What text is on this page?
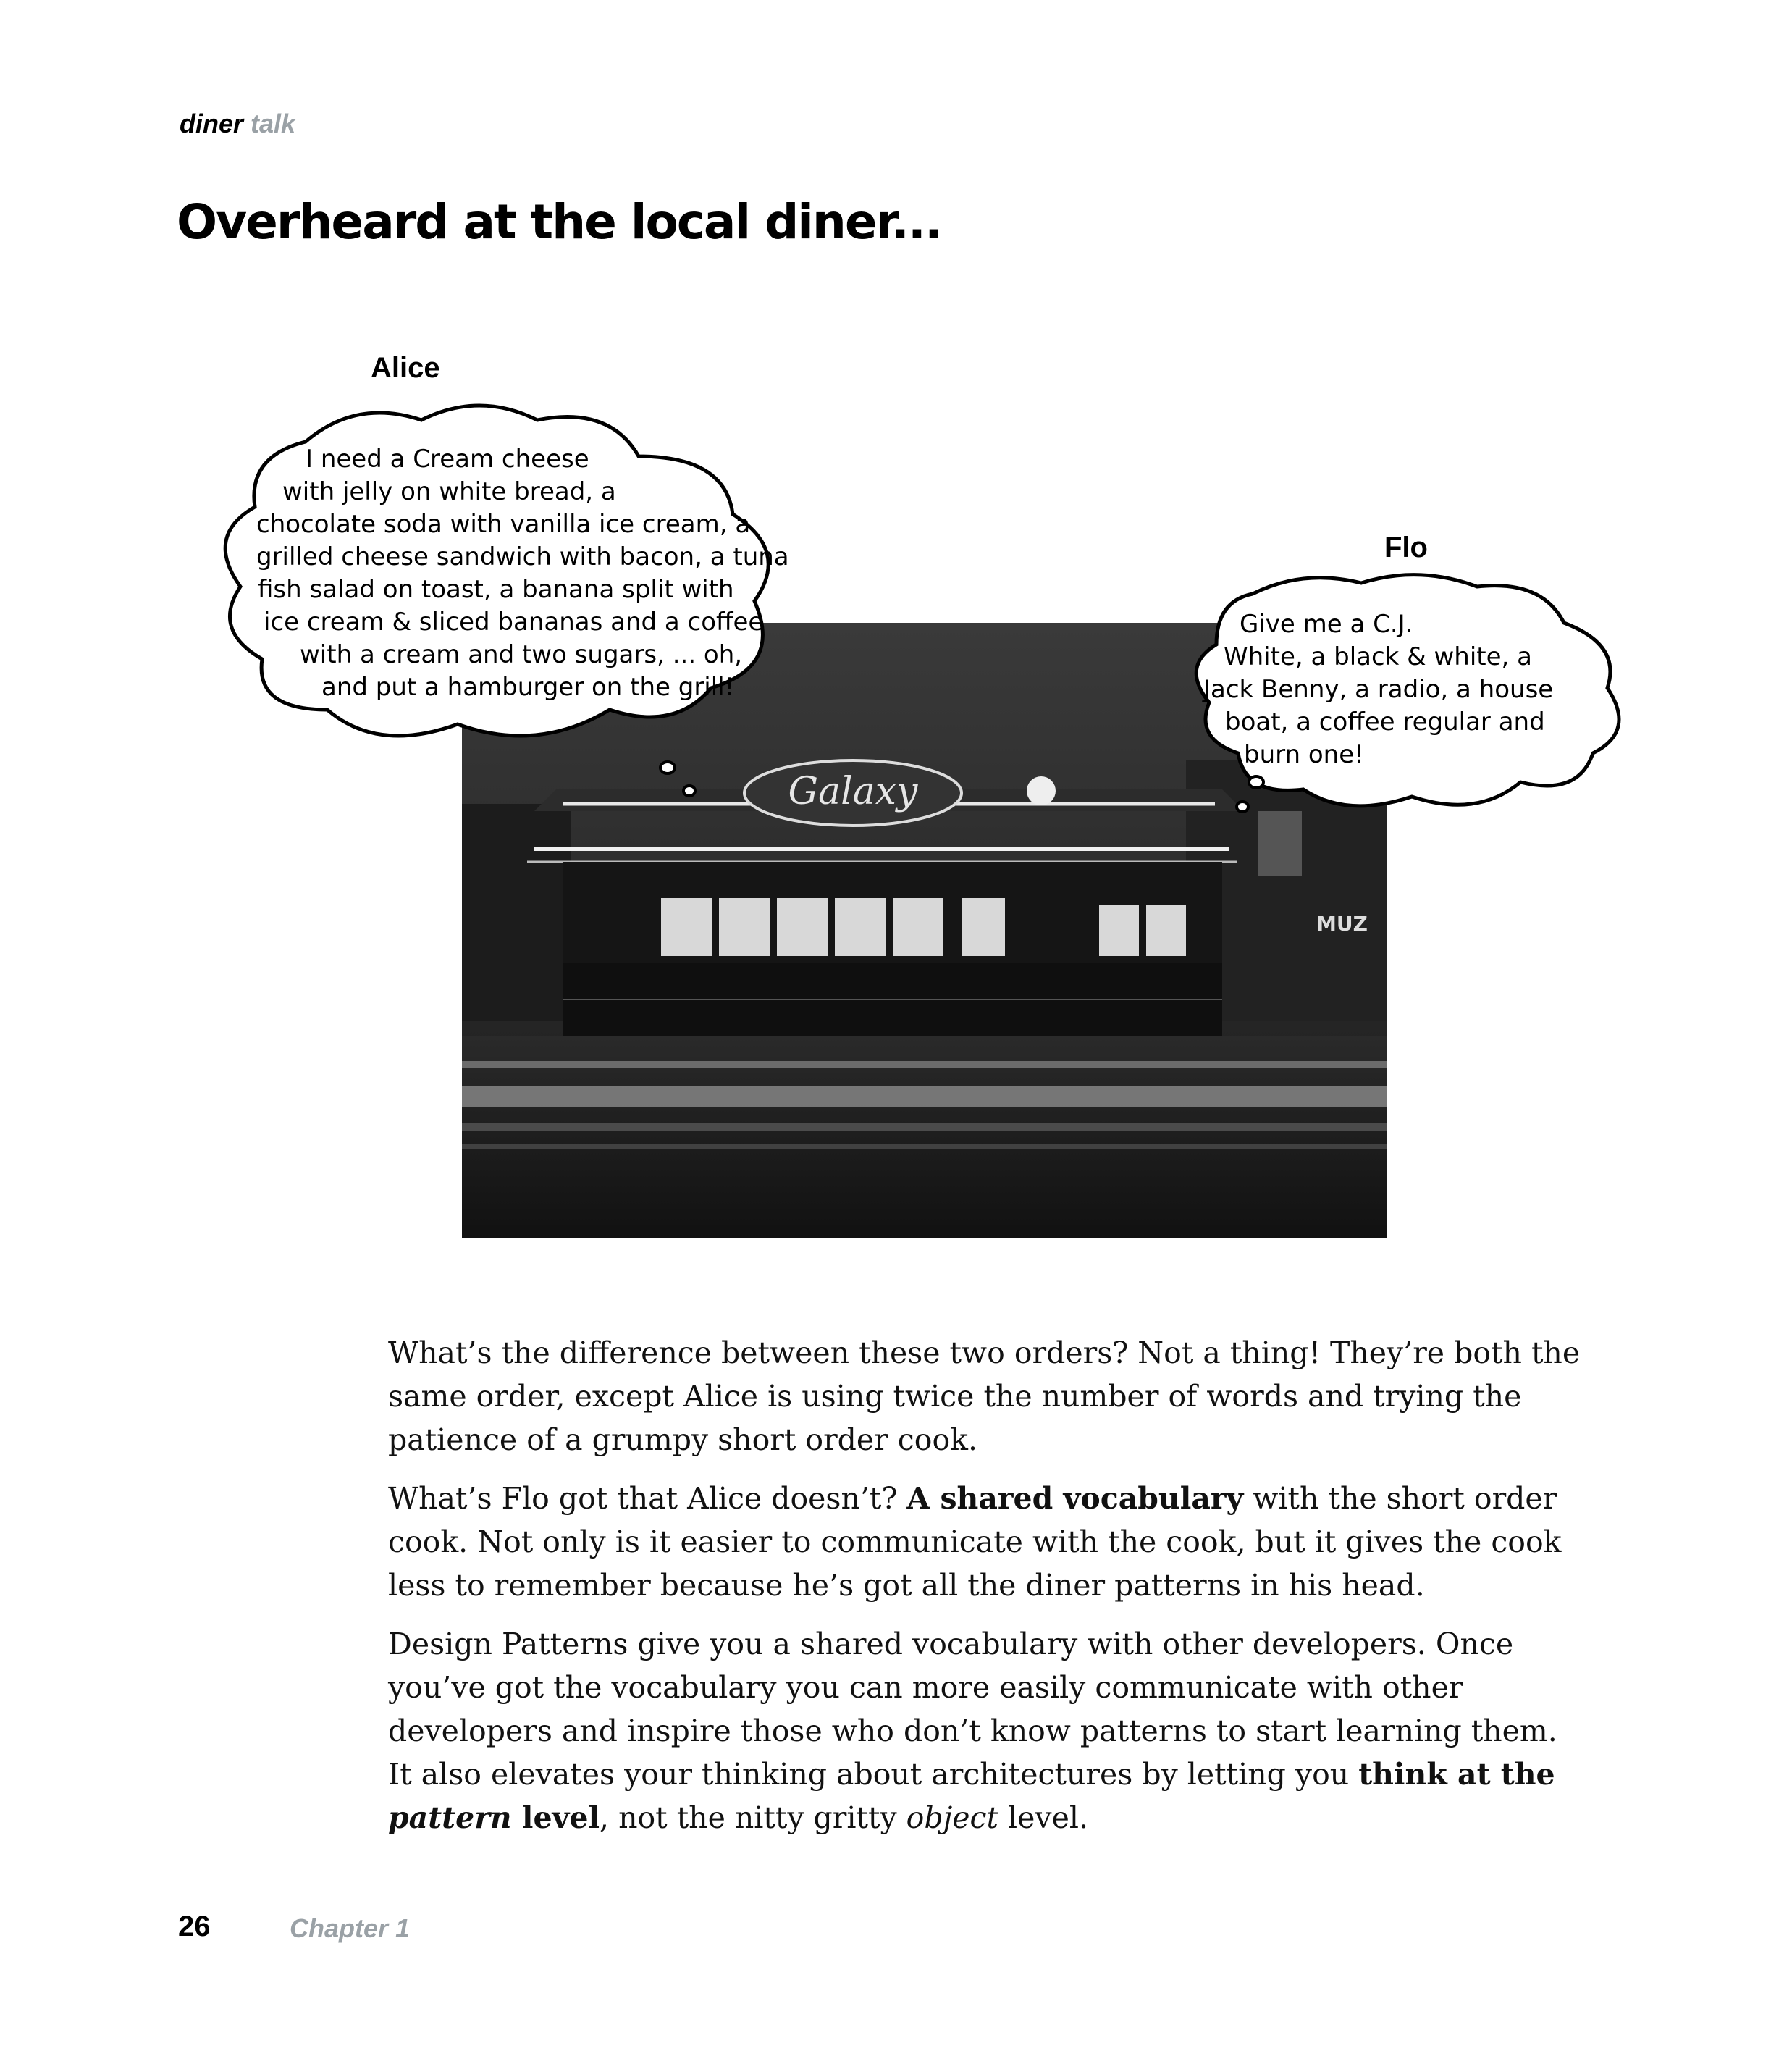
diner talk
Overheard at the local diner...
Galaxy
MUZ
Alice
Flo
I need a Cream cheese
with jelly on white bread, a
chocolate soda with vanilla ice cream, a
grilled cheese sandwich with bacon, a tuna
fish salad on toast, a banana split with
ice cream & sliced bananas and a coffee
with a cream and two sugars, ... oh,
and put a hamburger on the grill!
Give me a C.J.
White, a black & white, a
Jack Benny, a radio, a house
boat, a coffee regular and
burn one!

What’s the difference between these two orders? Not a thing! They’re both the same order, except Alice is using twice the number of words and trying the patience of a grumpy short order cook.

What’s Flo got that Alice doesn’t? A shared vocabulary with the short order cook. Not only is it easier to communicate with the cook, but it gives the cook less to remember because he’s got all the diner patterns in his head.

Design Patterns give you a shared vocabulary with other developers. Once you’ve got the vocabulary you can more easily communicate with other developers and inspire those who don’t know patterns to start learning them. It also elevates your thinking about architectures by letting you think at the pattern level, not the nitty gritty object level.

26	Chapter 1
